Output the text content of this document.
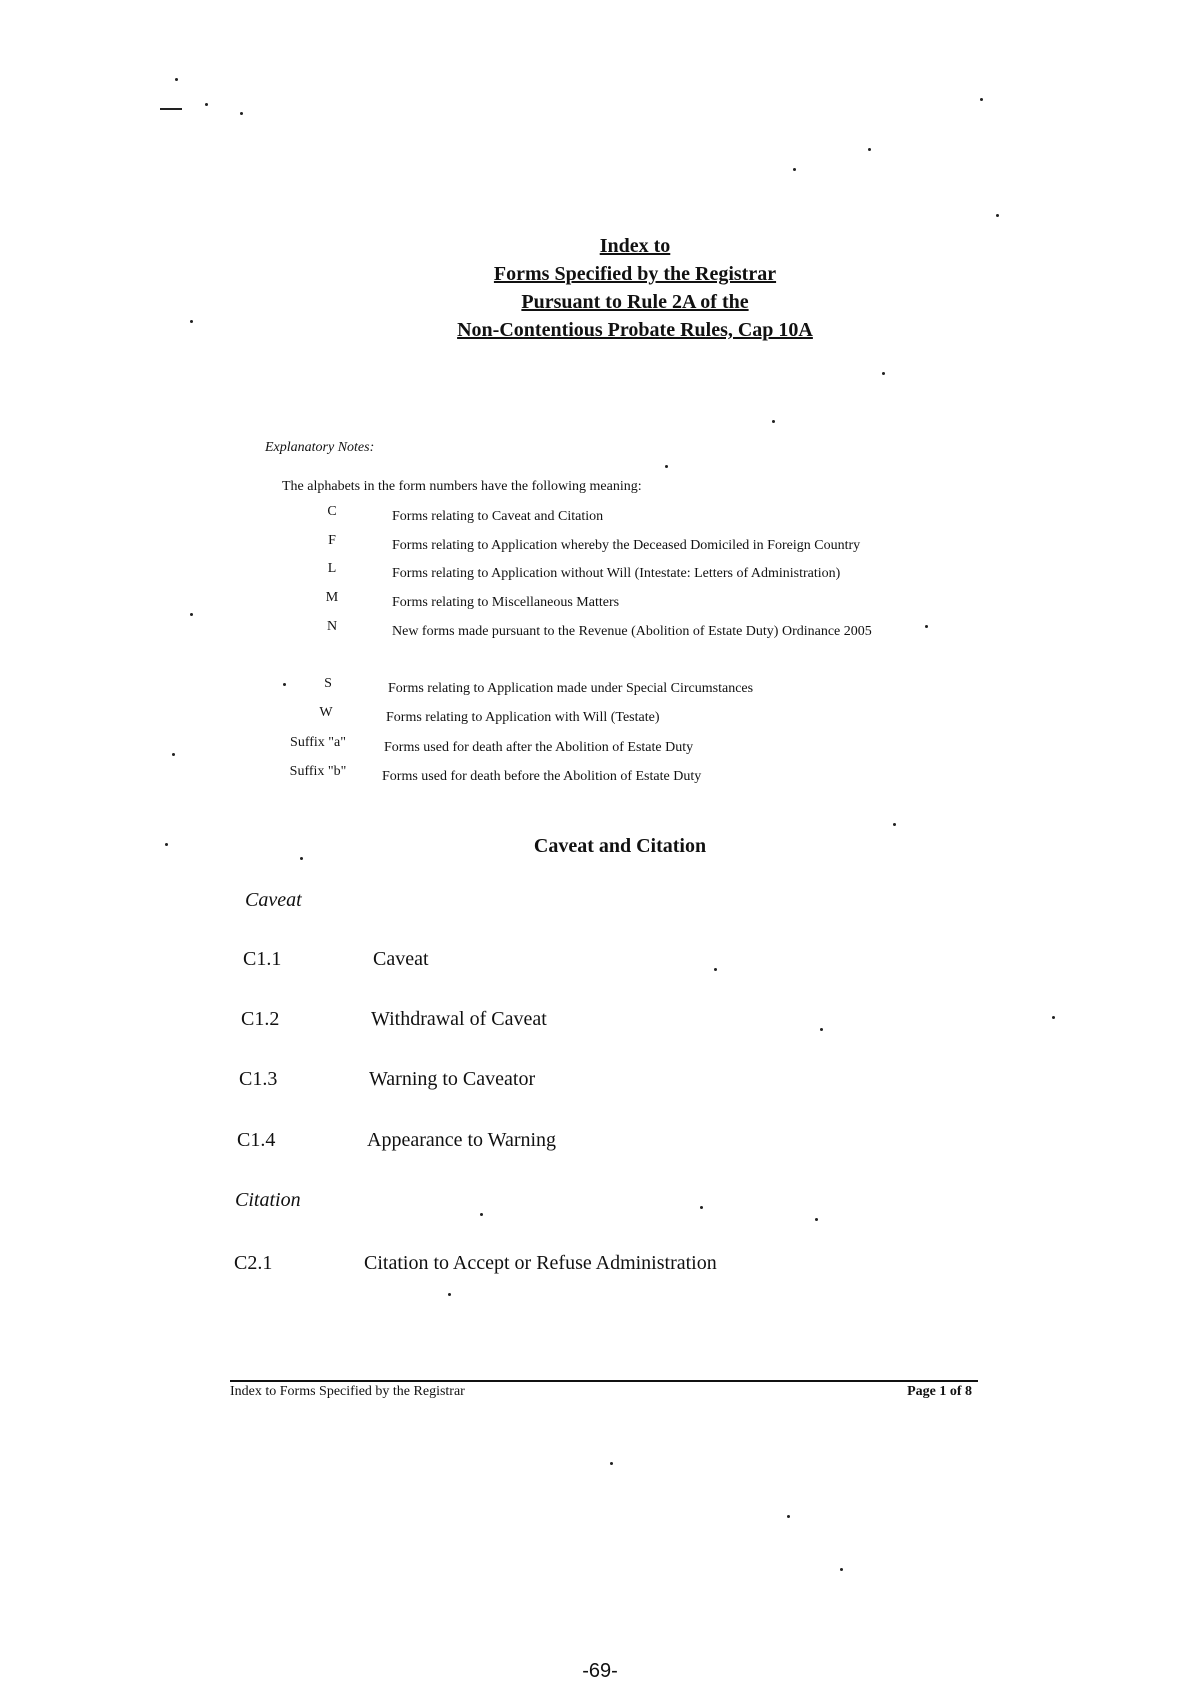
Index to

Forms Specified by the Registrar

Pursuant to Rule 2A of the

Non-Contentious Probate Rules, Cap 10A

Explanatory Notes:
The alphabets in the form numbers have the following meaning:
C	Forms relating to Caveat and Citation
F	Forms relating to Application whereby the Deceased Domiciled in Foreign Country
L	Forms relating to Application without Will (Intestate: Letters of Administration)
M	Forms relating to Miscellaneous Matters
N	New forms made pursuant to the Revenue (Abolition of Estate Duty) Ordinance 2005
S	Forms relating to Application made under Special Circumstances
W	Forms relating to Application with Will (Testate)
Suffix "a"	Forms used for death after the Abolition of Estate Duty
Suffix "b"	Forms used for death before the Abolition of Estate Duty
Caveat and Citation
Caveat
C1.1	Caveat
C1.2	Withdrawal of Caveat
C1.3	Warning to Caveator
C1.4	Appearance to Warning
Citation
C2.1	Citation to Accept or Refuse Administration
Index to Forms Specified by the Registrar	Page 1 of 8
-69-
